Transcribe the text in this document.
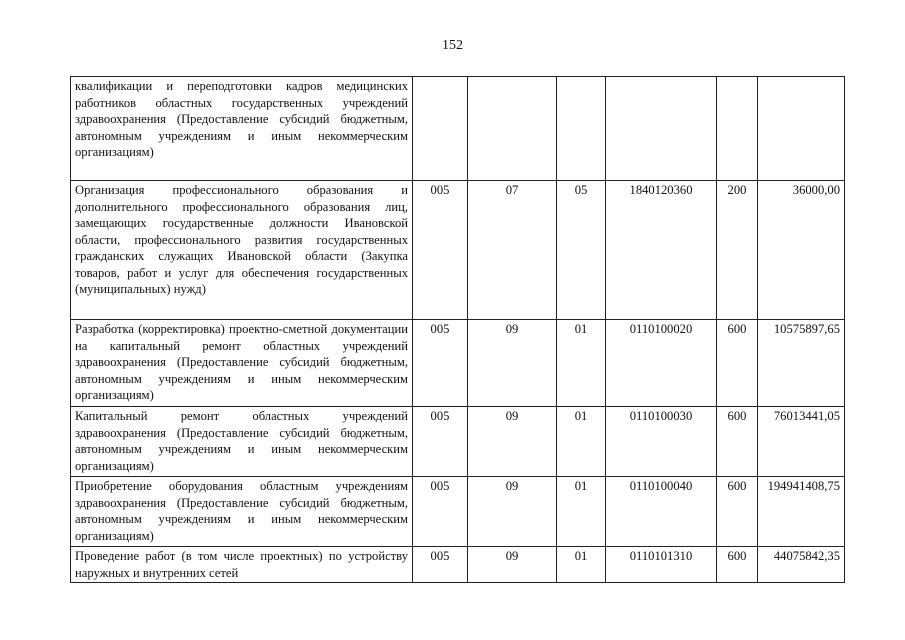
152
квалификации и переподготовки кадров медицинских работников областных государственных учреждений здравоохранения (Предоставление субсидий бюджетным, автономным учреждениям и иным некоммерческим организациям)						
Организация профессионального образования и дополнительного профессионального образования лиц, замещающих государственные должности Ивановской области, профессионального развития государственных гражданских служащих Ивановской области (Закупка товаров, работ и услуг для обеспечения государственных (муниципальных) нужд)	005	07	05	1840120360	200	36000,00
Разработка (корректировка) проектно-сметной документации на капитальный ремонт областных учреждений здравоохранения (Предоставление субсидий бюджетным, автономным учреждениям и иным некоммерческим организациям)	005	09	01	0110100020	600	10575897,65
Капитальный ремонт областных учреждений здравоохранения (Предоставление субсидий бюджетным, автономным учреждениям и иным некоммерческим организациям)	005	09	01	0110100030	600	76013441,05
Приобретение оборудования областным учреждениям здравоохранения (Предоставление субсидий бюджетным, автономным учреждениям и иным некоммерческим организациям)	005	09	01	0110100040	600	194941408,75
Проведение работ (в том числе проектных) по устройству наружных и внутренних сетей	005	09	01	0110101310	600	44075842,35
